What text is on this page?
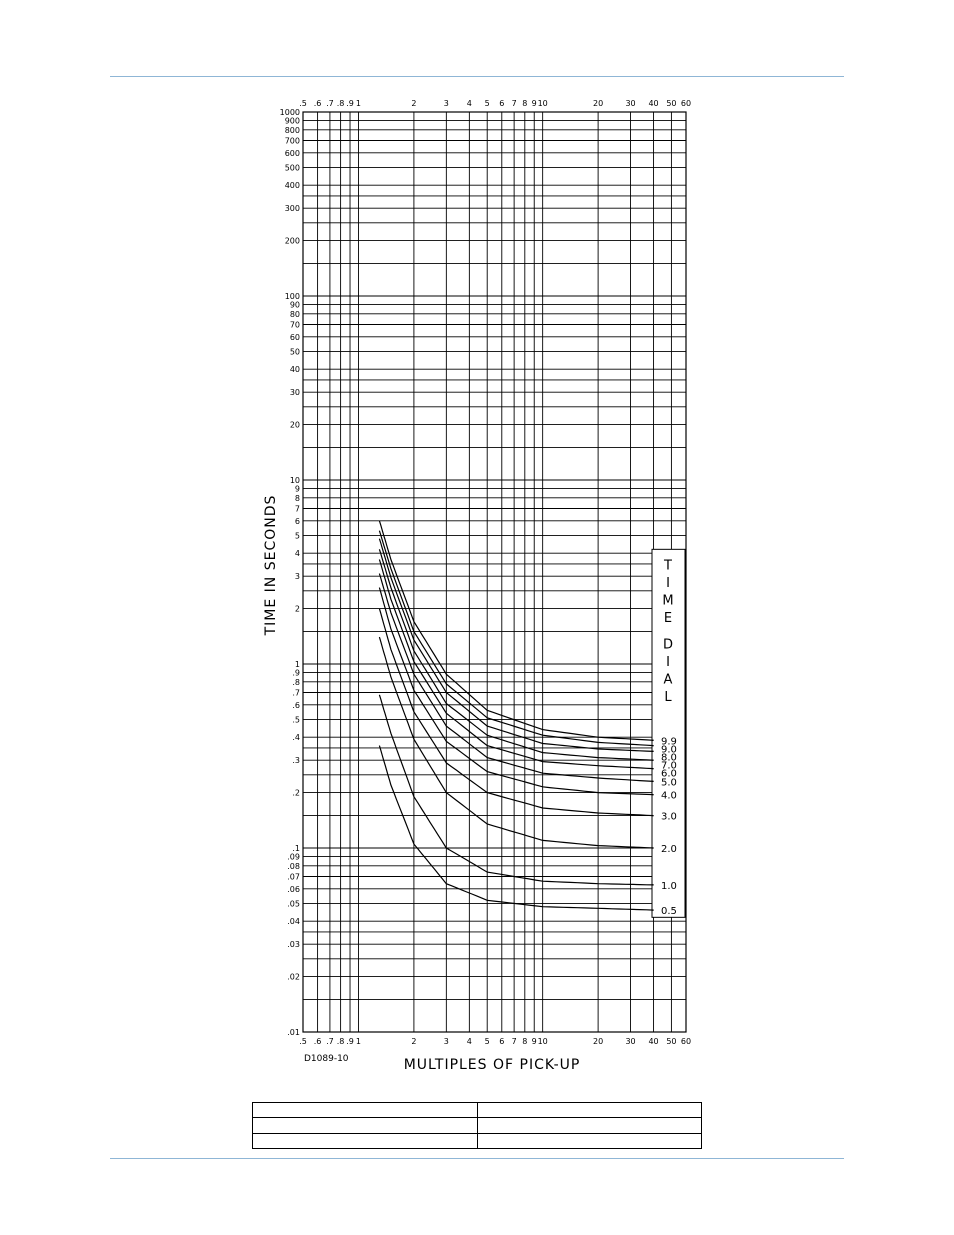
.5 .6 .7 .8 .9 1	2	3 4 5 6 7 8 9 10	20	30 40 50 60
.5 .6 .7 .8 .9 1	2	3 4 5 6 7 8 9 10	20	30 40 50 60
1000
900
800
700
600
500
400
300
200
100
90
80
70
60
50
40
30
20
10
9
8
7
6
5
4
3
2
1
.9
.8
.7
.6
.5
.4
.3
.2
.1
.09
.08
.07
.06
.05
.04
.03
.02
.01
T
I
M
E
D
I
A
L
9.9
9.0
8.0
7.0
6.0
5.0
4.0
3.0
2.0
1.0
0.5
TIME IN SECONDS
MULTIPLES OF PICK-UP
D1089-10
